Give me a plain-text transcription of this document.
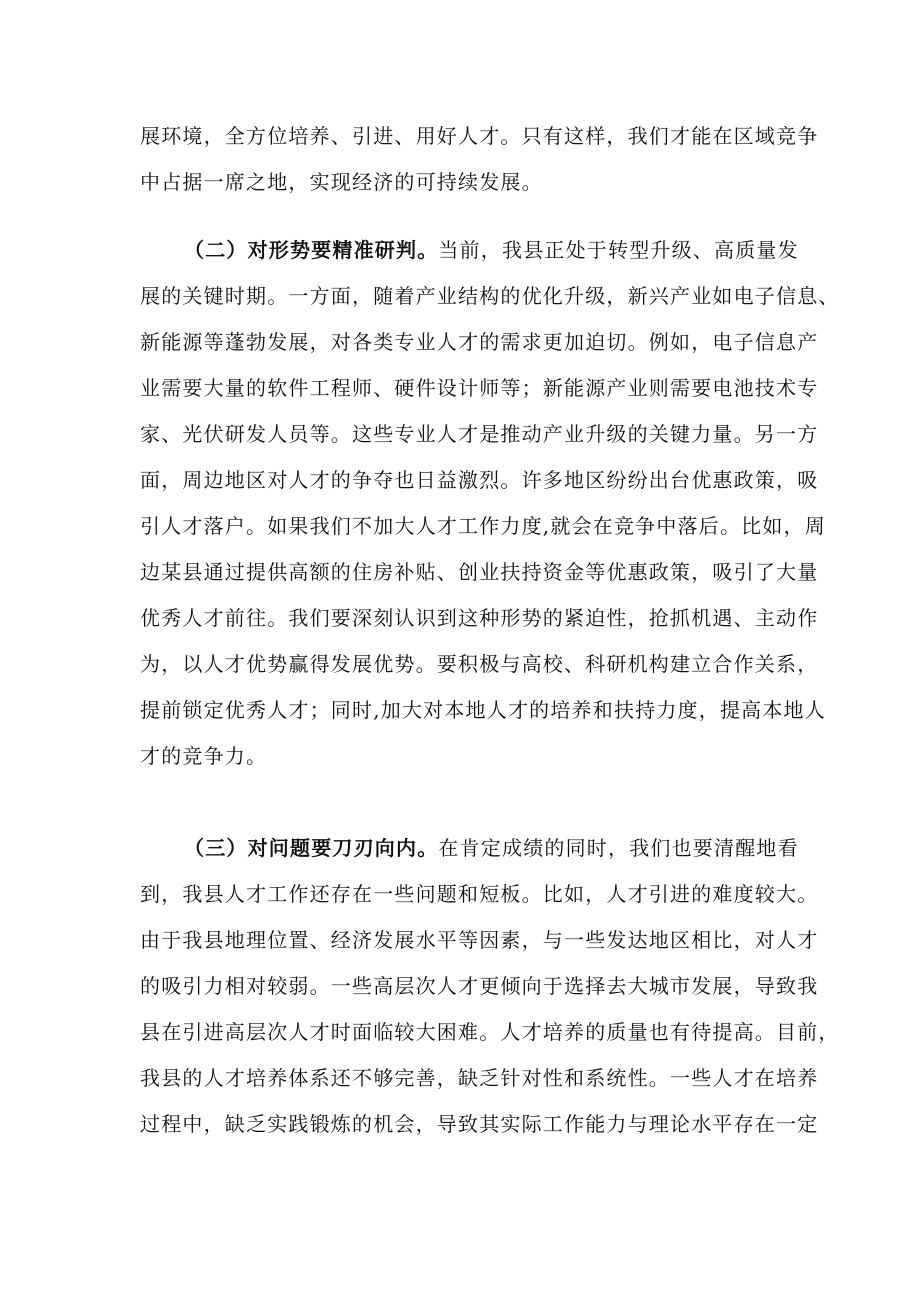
展环境，全方位培养、引进、用好人才。只有这样，我们才能在区域竞争
中占据一席之地，实现经济的可持续发展。
（二）对形势要精准研判。当前，我县正处于转型升级、高质量发
展的关键时期。一方面，随着产业结构的优化升级，新兴产业如电子信息、
新能源等蓬勃发展，对各类专业人才的需求更加迫切。例如，电子信息产
业需要大量的软件工程师、硬件设计师等；新能源产业则需要电池技术专
家、光伏研发人员等。这些专业人才是推动产业升级的关键力量。另一方
面，周边地区对人才的争夺也日益激烈。许多地区纷纷出台优惠政策，吸
引人才落户。如果我们不加大人才工作力度,就会在竞争中落后。比如，周
边某县通过提供高额的住房补贴、创业扶持资金等优惠政策，吸引了大量
优秀人才前往。我们要深刻认识到这种形势的紧迫性，抢抓机遇、主动作
为，以人才优势赢得发展优势。要积极与高校、科研机构建立合作关系，
提前锁定优秀人才；同时,加大对本地人才的培养和扶持力度，提高本地人
才的竞争力。
（三）对问题要刀刃向内。在肯定成绩的同时，我们也要清醒地看
到，我县人才工作还存在一些问题和短板。比如，人才引进的难度较大。
由于我县地理位置、经济发展水平等因素，与一些发达地区相比，对人才
的吸引力相对较弱。一些高层次人才更倾向于选择去大城市发展，导致我
县在引进高层次人才时面临较大困难。人才培养的质量也有待提高。目前，
我县的人才培养体系还不够完善，缺乏针对性和系统性。一些人才在培养
过程中，缺乏实践锻炼的机会，导致其实际工作能力与理论水平存在一定
